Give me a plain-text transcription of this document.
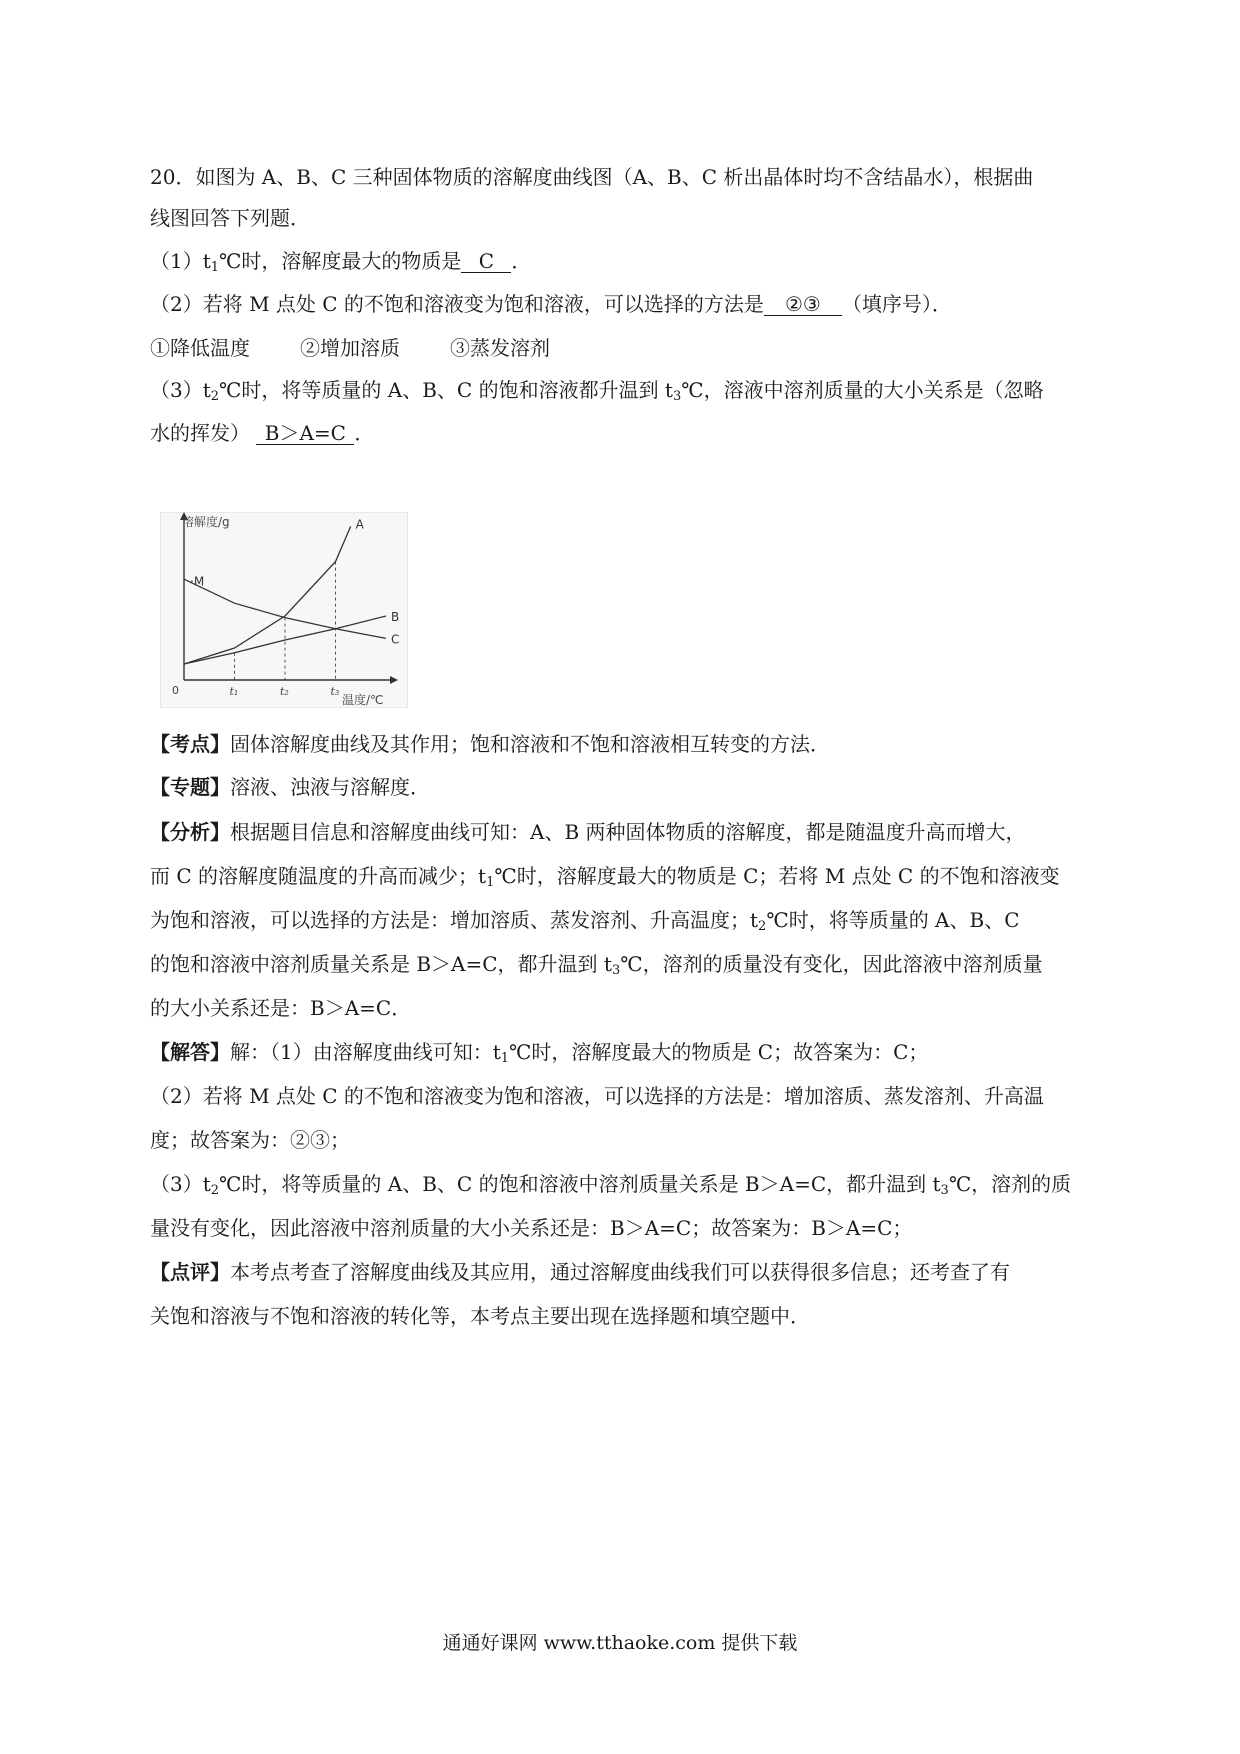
20．如图为 A、B、C 三种固体物质的溶解度曲线图（A、B、C 析出晶体时均不含结晶水），根据曲
线图回答下列题．
$(1)t_1℃$时，溶解度最大的物质是 C ．
（2）若将 M 点处 C 的不饱和溶液变为饱和溶液，可以选择的方法是 ②③ （填序号）．
①降低温度	②增加溶质	③蒸发溶剂
$(3)t_2℃$时，将等质量的 A、B、C 的饱和溶液都升温到 $t_3℃$，溶液中溶剂质量的大小关系是（忽略
水的挥发） B＞A=C ．
A
B
C
溶解度/g
温度/℃
0
·M
t₁	t₂	t₃
【考点】固体溶解度曲线及其作用；饱和溶液和不饱和溶液相互转变的方法．
【专题】溶液、浊液与溶解度．
【分析】根据题目信息和溶解度曲线可知：A、B 两种固体物质的溶解度，都是随温度升高而增大，
而 C 的溶解度随温度的升高而减少；$t_1℃$时，溶解度最大的物质是 C；若将 M 点处 C 的不饱和溶液变
为饱和溶液，可以选择的方法是：增加溶质、蒸发溶剂、升高温度；$t_2℃$时，将等质量的 A、B、C
的饱和溶液中溶剂质量关系是 B＞A=C，都升温到 $t_3℃$，溶剂的质量没有变化，因此溶液中溶剂质量
的大小关系还是：B＞A=C．
【解答】解：（1）由溶解度曲线可知：$t_1℃$时，溶解度最大的物质是 C；故答案为：C；
（2）若将 M 点处 C 的不饱和溶液变为饱和溶液，可以选择的方法是：增加溶质、蒸发溶剂、升高温
度；故答案为：②③；
$(3)t_2℃$时，将等质量的 A、B、C 的饱和溶液中溶剂质量关系是 B＞A=C，都升温到 $t_3℃$，溶剂的质
量没有变化，因此溶液中溶剂质量的大小关系还是：B＞A=C；故答案为：B＞A=C；
【点评】本考点考查了溶解度曲线及其应用，通过溶解度曲线我们可以获得很多信息；还考查了有
关饱和溶液与不饱和溶液的转化等，本考点主要出现在选择题和填空题中．
通通好课网 www.tthaoke.com 提供下载
